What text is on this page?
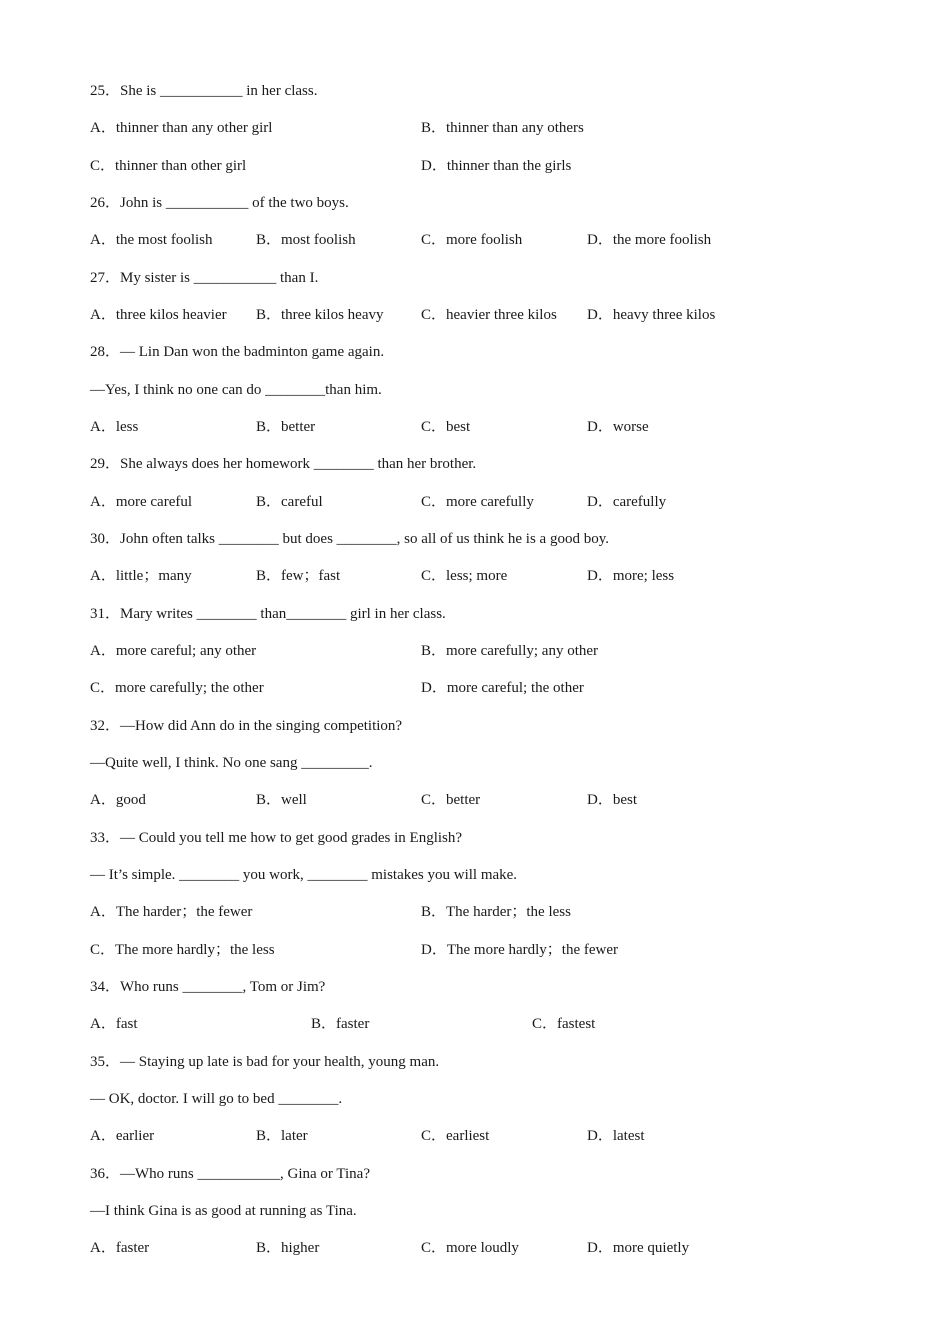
25．She is ___________ in her class.
A．thinner than any other girl	B．thinner than any others
C．thinner than other girl	D．thinner than the girls
26．John is ___________ of the two boys.
A．the most foolish	B．most foolish	C．more foolish	D．the more foolish
27．My sister is ___________ than I.
A．three kilos heavier B．three kilos heavy	C．heavier three kilos D．heavy three kilos
28．— Lin Dan won the badminton game again.
—Yes, I think no one can do ________than him.
A．less	B．better	C．best	D．worse
29．She always does her homework ________ than her brother.
A．more careful	B．careful	C．more carefully	D．carefully
30．John often talks ________ but does ________, so all of us think he is a good boy.
A．little；many	B．few；fast	C．less; more	D．more; less
31．Mary writes ________ than________ girl in her class.
A．more careful; any other	B．more carefully; any other
C．more carefully; the other	D．more careful; the other
32．—How did Ann do in the singing competition?
—Quite well, I think. No one sang _________.
A．good	B．well	C．better	D．best
33．— Could you tell me how to get good grades in English?
— It’s simple. ________ you work, ________ mistakes you will make.
A．The harder；the fewer	B．The harder；the less
C．The more hardly；the less	D．The more hardly；the fewer
34．Who runs ________, Tom or Jim?
A．fast	B．faster	C．fastest
35．— Staying up late is bad for your health, young man.
— OK, doctor. I will go to bed ________.
A．earlier	B．later	C．earliest	D．latest
36．—Who runs ___________, Gina or Tina?
—I think Gina is as good at running as Tina.
A．faster	B．higher	C．more loudly	D．more quietly
